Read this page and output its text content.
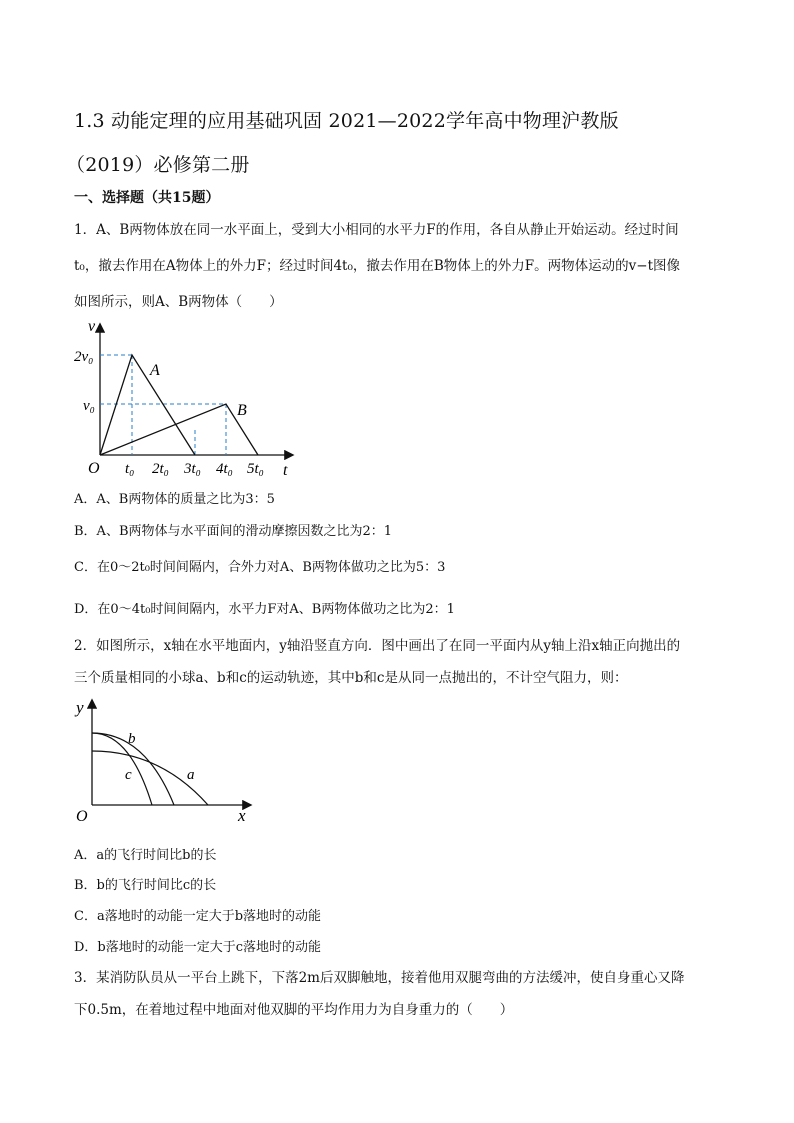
1.3 动能定理的应用基础巩固 2021—2022学年高中物理沪教版
（2019）必修第二册
一、选择题（共15题）
1．A、B两物体放在同一水平面上，受到大小相同的水平力F的作用，各自从静止开始运动。经过时间
t₀，撤去作用在A物体上的外力F；经过时间4t₀，撤去作用在B物体上的外力F。两物体运动的v−t图像
如图所示，则A、B两物体（　　）
v
t
O
2v₀
v₀
t₀ 2t₀ 3t₀ 4t₀ 5t₀
A
B
A．A、B两物体的质量之比为3：5
B．A、B两物体与水平面间的滑动摩擦因数之比为2：1
C．在0～2t₀时间间隔内，合外力对A、B两物体做功之比为5：3
D．在0～4t₀时间间隔内，水平力F对A、B两物体做功之比为2：1
2．如图所示，x轴在水平地面内，y轴沿竖直方向．图中画出了在同一平面内从y轴上沿x轴正向抛出的
三个质量相同的小球a、b和c的运动轨迹，其中b和c是从同一点抛出的，不计空气阻力，则：
y
x
O
b
c	a
A．a的飞行时间比b的长
B．b的飞行时间比c的长
C．a落地时的动能一定大于b落地时的动能
D．b落地时的动能一定大于c落地时的动能
3．某消防队员从一平台上跳下，下落2m后双脚触地，接着他用双腿弯曲的方法缓冲，使自身重心又降
下0.5m，在着地过程中地面对他双脚的平均作用力为自身重力的（　　）
